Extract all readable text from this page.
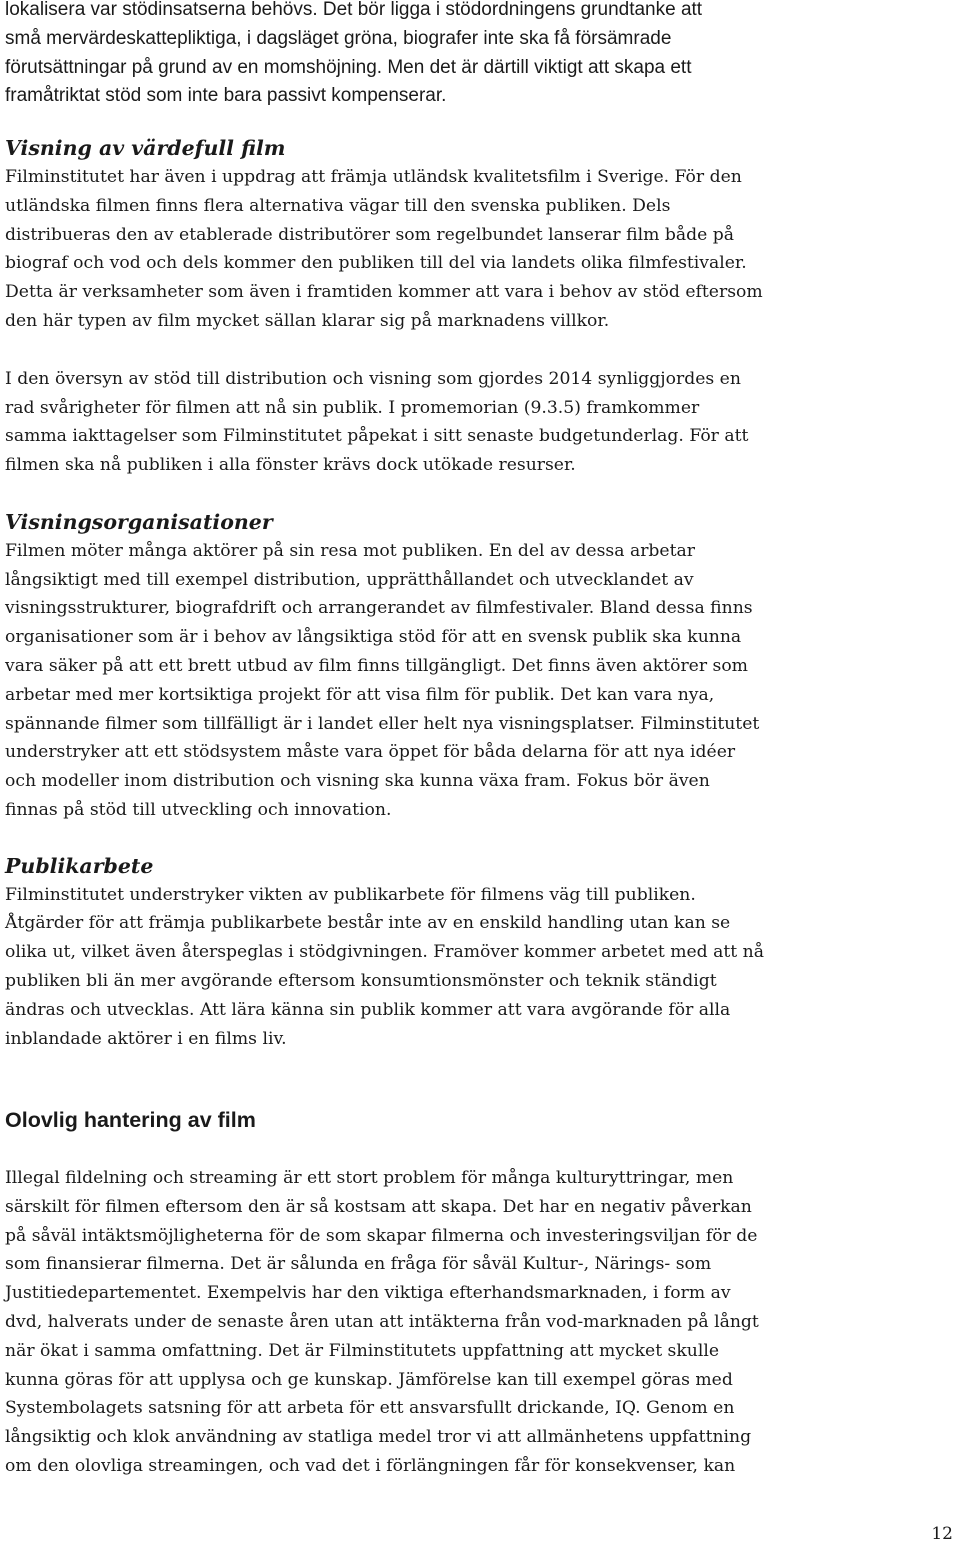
lokalisera var stödinsatserna behövs. Det bör ligga i stödordningens grundtanke att

små mervärdeskattepliktiga, i dagsläget gröna, biografer inte ska få försämrade

förutsättningar på grund av en momshöjning. Men det är därtill viktigt att skapa ett

framåtriktat stöd som inte bara passivt kompenserar.

Visning av värdefull film

Filminstitutet har även i uppdrag att främja utländsk kvalitetsfilm i Sverige. För den

utländska filmen finns flera alternativa vägar till den svenska publiken. Dels

distribueras den av etablerade distributörer som regelbundet lanserar film både på

biograf och vod och dels kommer den publiken till del via landets olika filmfestivaler.

Detta är verksamheter som även i framtiden kommer att vara i behov av stöd eftersom

den här typen av film mycket sällan klarar sig på marknadens villkor.

I den översyn av stöd till distribution och visning som gjordes 2014 synliggjordes en

rad svårigheter för filmen att nå sin publik. I promemorian (9.3.5) framkommer

samma iakttagelser som Filminstitutet påpekat i sitt senaste budgetunderlag. För att

filmen ska nå publiken i alla fönster krävs dock utökade resurser.

Visningsorganisationer

Filmen möter många aktörer på sin resa mot publiken. En del av dessa arbetar

långsiktigt med till exempel distribution, upprätthållandet och utvecklandet av

visningsstrukturer, biografdrift och arrangerandet av filmfestivaler. Bland dessa finns

organisationer som är i behov av långsiktiga stöd för att en svensk publik ska kunna

vara säker på att ett brett utbud av film finns tillgängligt. Det finns även aktörer som

arbetar med mer kortsiktiga projekt för att visa film för publik. Det kan vara nya,

spännande filmer som tillfälligt är i landet eller helt nya visningsplatser. Filminstitutet

understryker att ett stödsystem måste vara öppet för båda delarna för att nya idéer

och modeller inom distribution och visning ska kunna växa fram. Fokus bör även

finnas på stöd till utveckling och innovation.

Publikarbete

Filminstitutet understryker vikten av publikarbete för filmens väg till publiken.

Åtgärder för att främja publikarbete består inte av en enskild handling utan kan se

olika ut, vilket även återspeglas i stödgivningen. Framöver kommer arbetet med att nå

publiken bli än mer avgörande eftersom konsumtionsmönster och teknik ständigt

ändras och utvecklas. Att lära känna sin publik kommer att vara avgörande för alla

inblandade aktörer i en films liv.

Olovlig hantering av film

Illegal fildelning och streaming är ett stort problem för många kulturyttringar, men

särskilt för filmen eftersom den är så kostsam att skapa. Det har en negativ påverkan

på såväl intäktsmöjligheterna för de som skapar filmerna och investeringsviljan för de

som finansierar filmerna. Det är sålunda en fråga för såväl Kultur-, Närings- som

Justitiedepartementet. Exempelvis har den viktiga efterhandsmarknaden, i form av

dvd, halverats under de senaste åren utan att intäkterna från vod-marknaden på långt

när ökat i samma omfattning. Det är Filminstitutets uppfattning att mycket skulle

kunna göras för att upplysa och ge kunskap. Jämförelse kan till exempel göras med

Systembolagets satsning för att arbeta för ett ansvarsfullt drickande, IQ. Genom en

långsiktig och klok användning av statliga medel tror vi att allmänhetens uppfattning

om den olovliga streamingen, och vad det i förlängningen får för konsekvenser, kan

12
